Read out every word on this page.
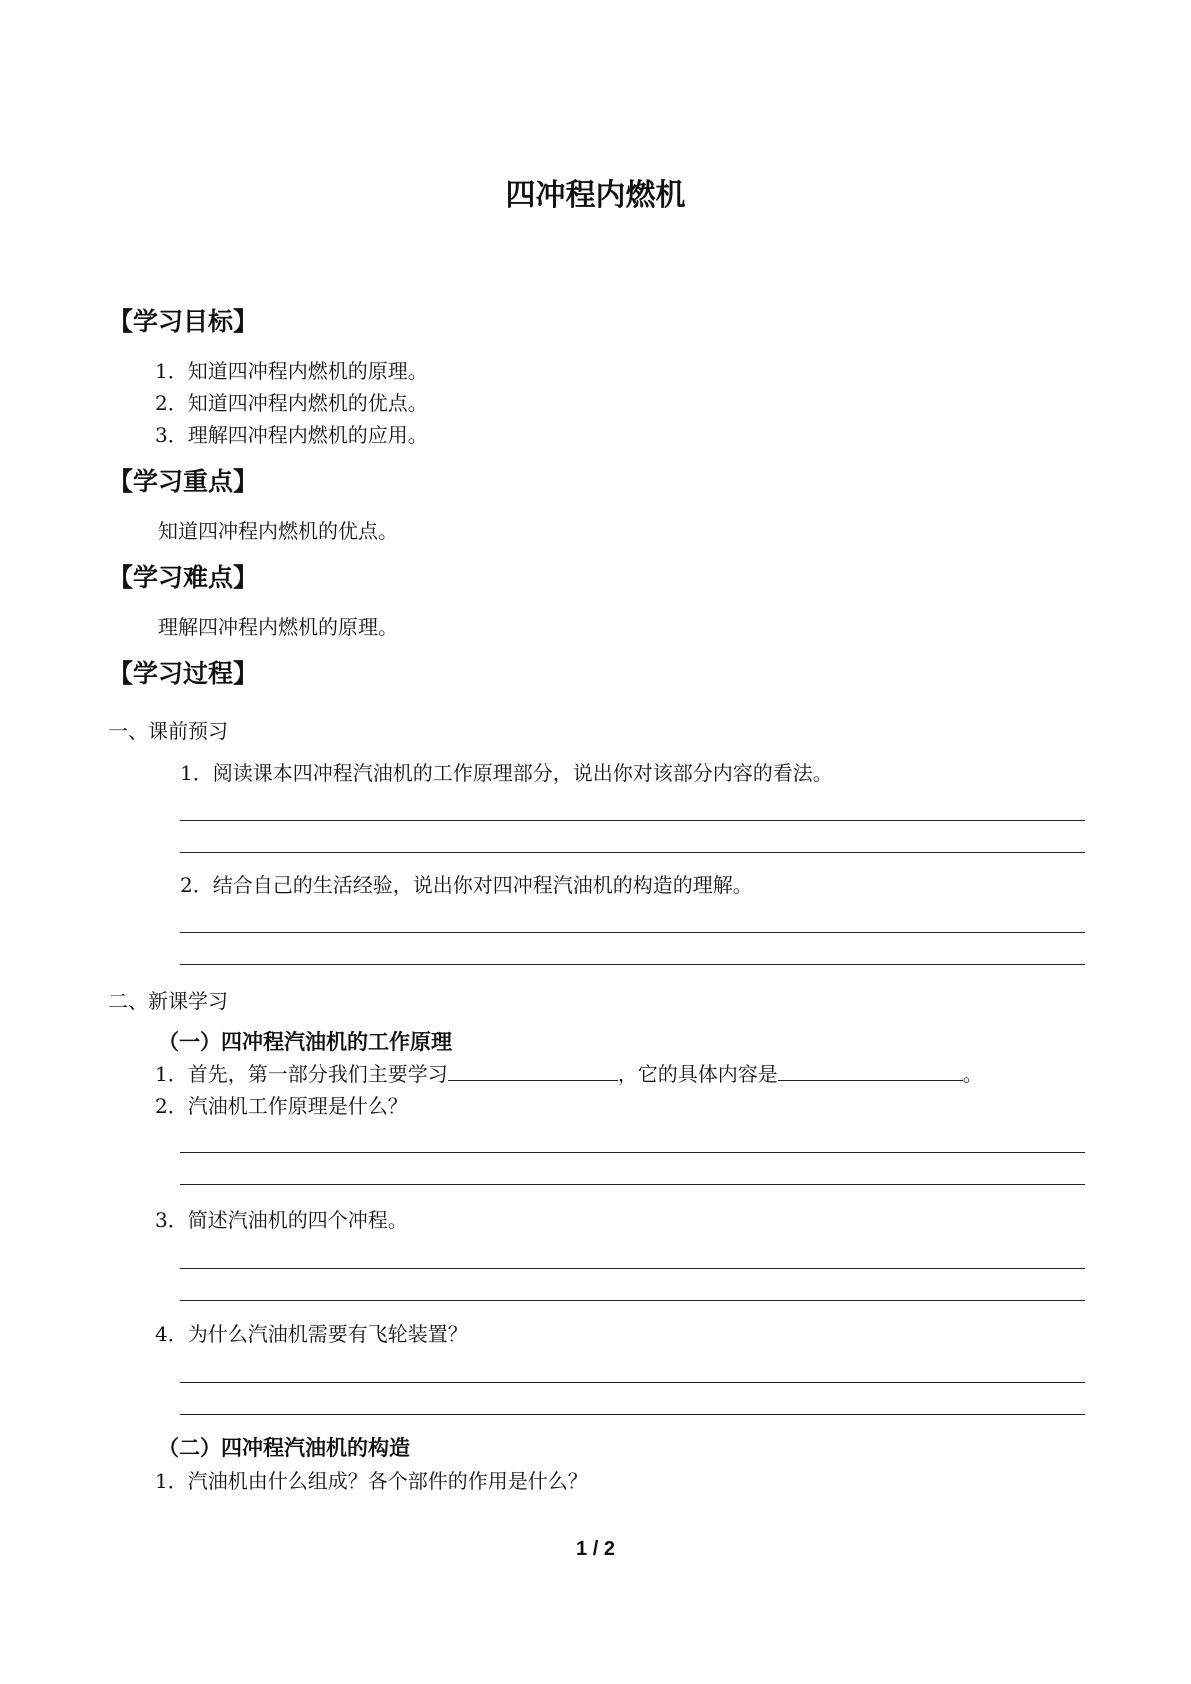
四冲程内燃机
【学习目标】
1．知道四冲程内燃机的原理。
2．知道四冲程内燃机的优点。
3．理解四冲程内燃机的应用。
【学习重点】
知道四冲程内燃机的优点。
【学习难点】
理解四冲程内燃机的原理。
【学习过程】
一、课前预习
1．阅读课本四冲程汽油机的工作原理部分，说出你对该部分内容的看法。
2．结合自己的生活经验，说出你对四冲程汽油机的构造的理解。
二、新课学习
（一）四冲程汽油机的工作原理
1．首先，第一部分我们主要学习	，它的具体内容是	。
2．汽油机工作原理是什么？
3．简述汽油机的四个冲程。
4．为什么汽油机需要有飞轮装置？
（二）四冲程汽油机的构造
1．汽油机由什么组成？各个部件的作用是什么？
1 / 2
